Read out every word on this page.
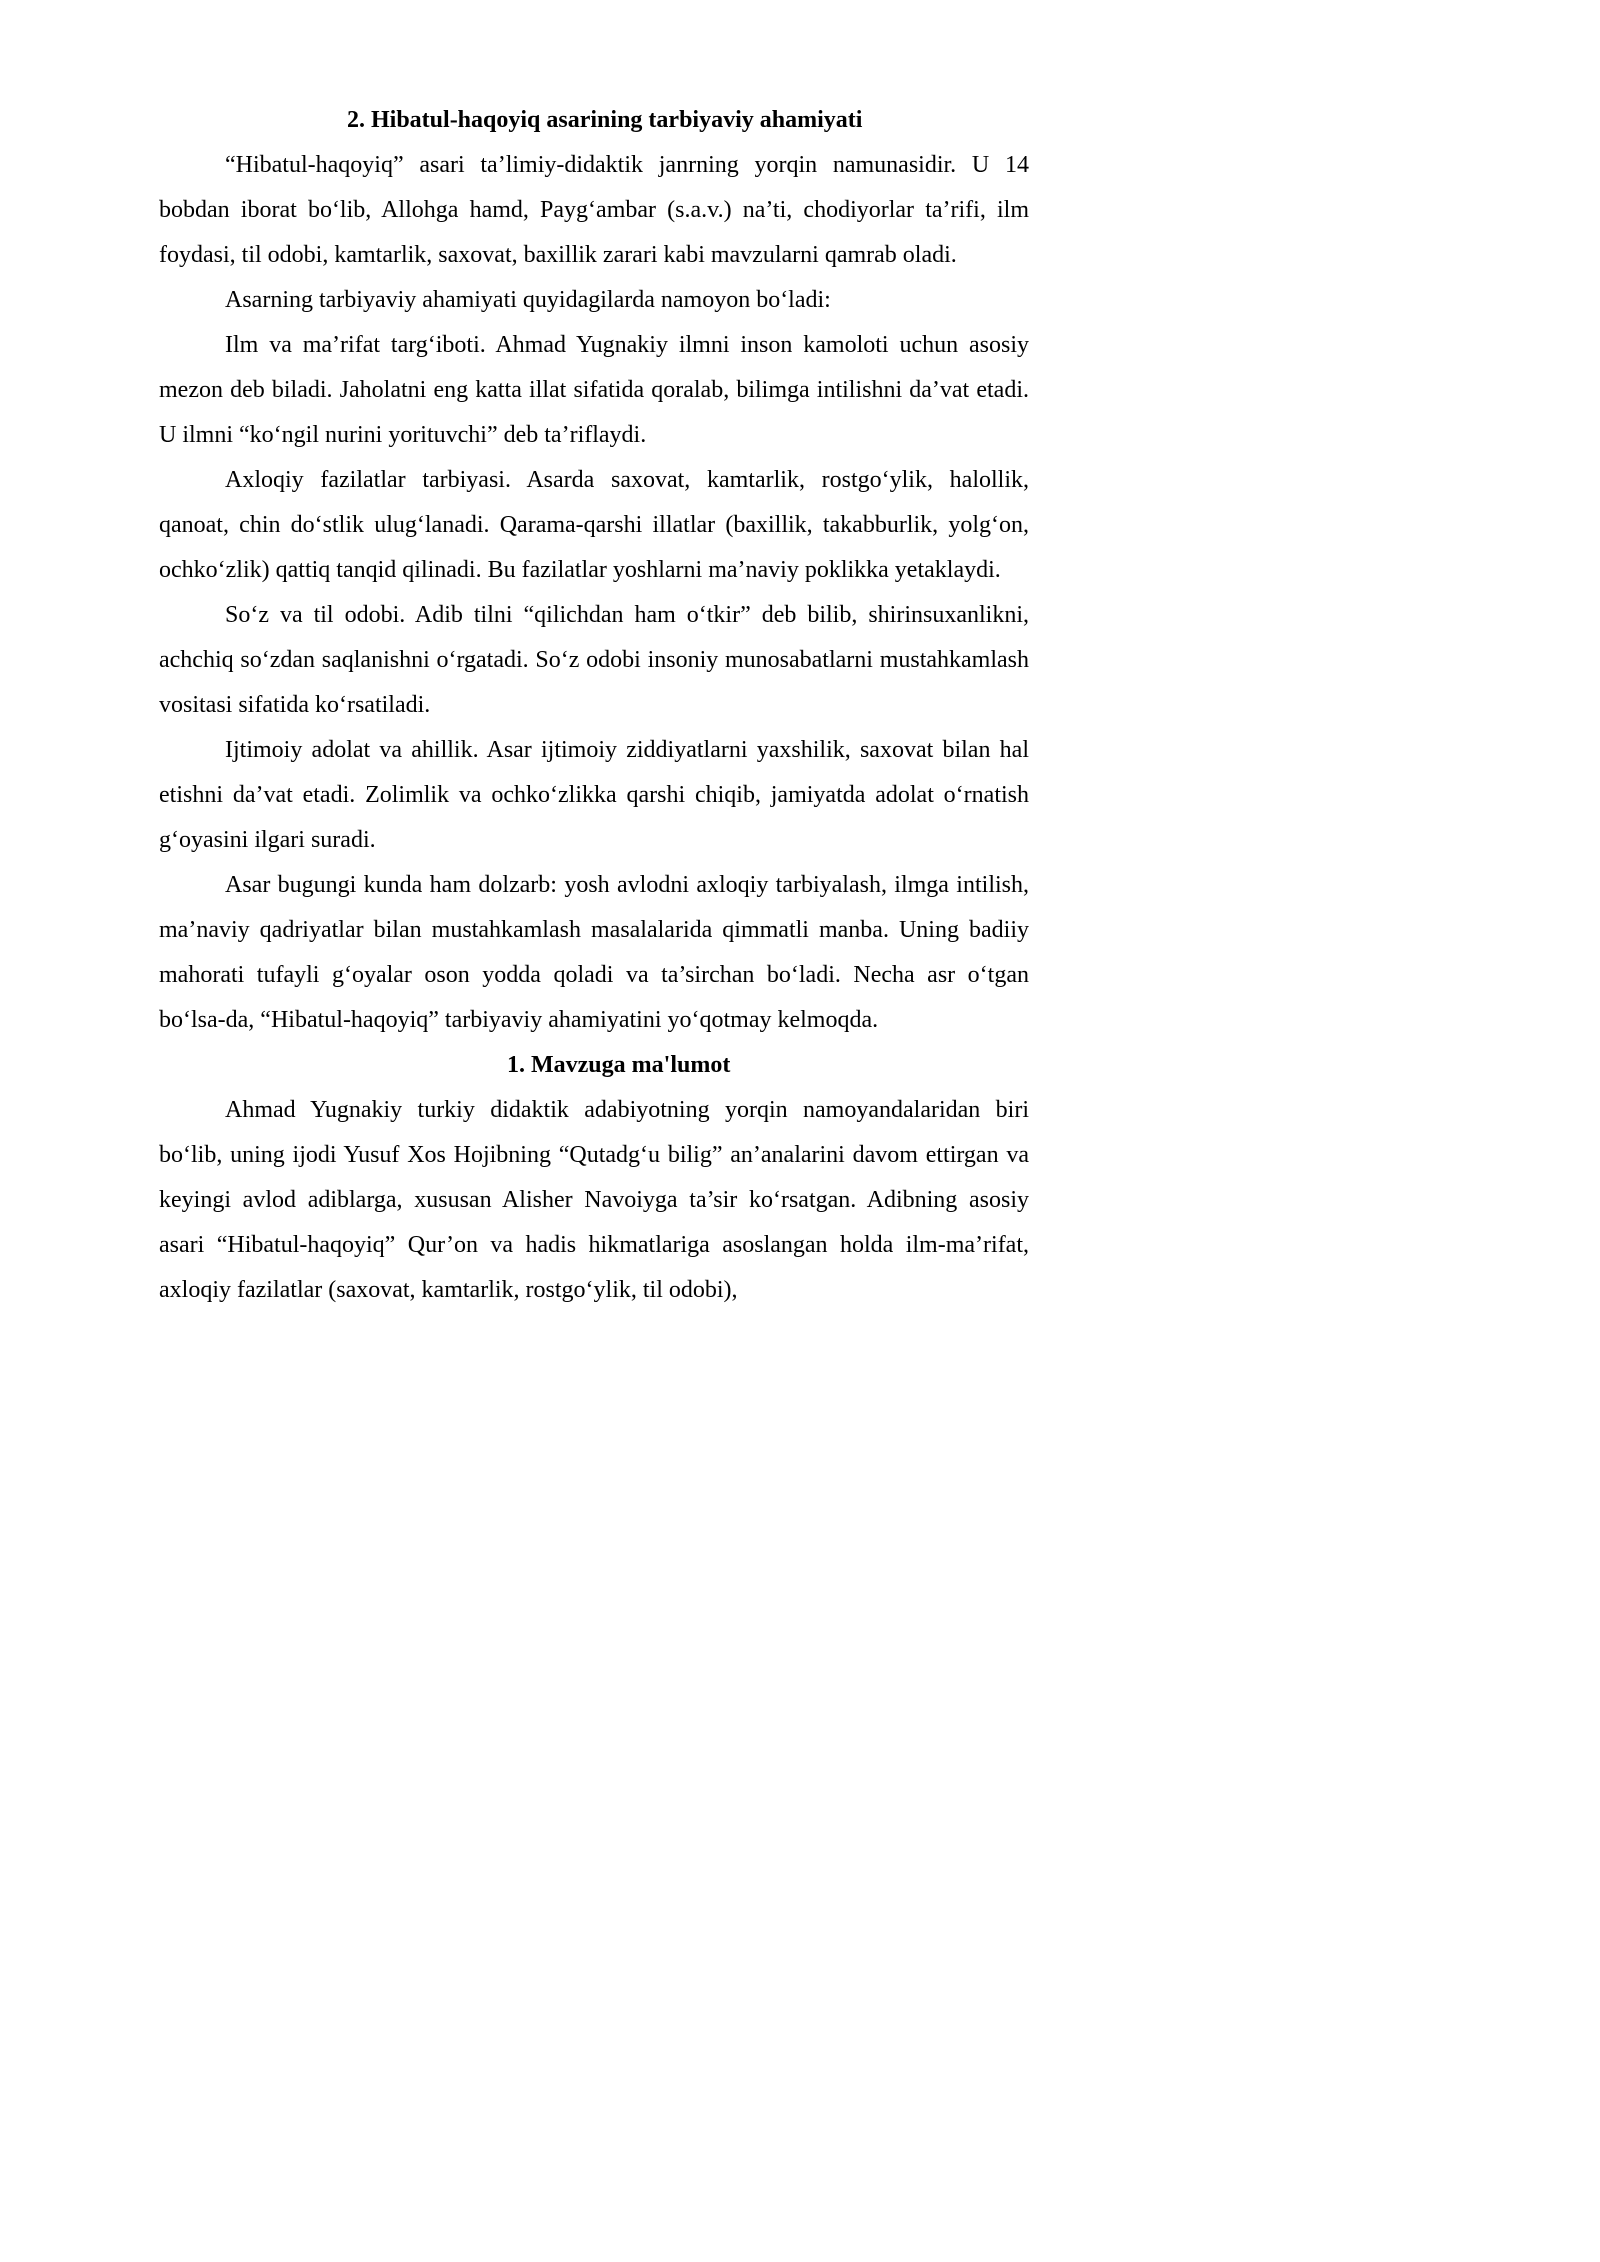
2. Hibatul-haqoyiq asarining tarbiyaviy ahamiyati

“Hibatul-haqoyiq” asari ta’limiy-didaktik janrning yorqin namunasidir. U 14 bobdan iborat bo‘lib, Allohga hamd, Payg‘ambar (s.a.v.) na’ti, chodiyorlar ta’rifi, ilm foydasi, til odobi, kamtarlik, saxovat, baxillik zarari kabi mavzularni qamrab oladi.

Asarning tarbiyaviy ahamiyati quyidagilarda namoyon bo‘ladi:

Ilm va ma’rifat targ‘iboti. Ahmad Yugnakiy ilmni inson kamoloti uchun asosiy mezon deb biladi. Jaholatni eng katta illat sifatida qoralab, bilimga intilishni da’vat etadi. U ilmni “ko‘ngil nurini yorituvchi” deb ta’riflaydi.

Axloqiy fazilatlar tarbiyasi. Asarda saxovat, kamtarlik, rostgo‘ylik, halollik, qanoat, chin do‘stlik ulug‘lanadi. Qarama-qarshi illatlar (baxillik, takabburlik, yolg‘on, ochko‘zlik) qattiq tanqid qilinadi. Bu fazilatlar yoshlarni ma’naviy poklikka yetaklaydi.

So‘z va til odobi. Adib tilni “qilichdan ham o‘tkir” deb bilib, shirinsuxanlikni, achchiq so‘zdan saqlanishni o‘rgatadi. So‘z odobi insoniy munosabatlarni mustahkamlash vositasi sifatida ko‘rsatiladi.

Ijtimoiy adolat va ahillik. Asar ijtimoiy ziddiyatlarni yaxshilik, saxovat bilan hal etishni da’vat etadi. Zolimlik va ochko‘zlikka qarshi chiqib, jamiyatda adolat o‘rnatish g‘oyasini ilgari suradi.

Asar bugungi kunda ham dolzarb: yosh avlodni axloqiy tarbiyalash, ilmga intilish, ma’naviy qadriyatlar bilan mustahkamlash masalalarida qimmatli manba. Uning badiiy mahorati tufayli g‘oyalar oson yodda qoladi va ta’sirchan bo‘ladi. Necha asr o‘tgan bo‘lsa-da, “Hibatul-haqoyiq” tarbiyaviy ahamiyatini yo‘qotmay kelmoqda.

1. Mavzuga ma'lumot

Ahmad Yugnakiy turkiy didaktik adabiyotning yorqin namoyandalaridan biri bo‘lib, uning ijodi Yusuf Xos Hojibning “Qutadg‘u bilig” an’analarini davom ettirgan va keyingi avlod adiblarga, xususan Alisher Navoiyga ta’sir ko‘rsatgan. Adibning asosiy asari “Hibatul-haqoyiq” Qur’on va hadis hikmatlariga asoslangan holda ilm-ma’rifat, axloqiy fazilatlar (saxovat, kamtarlik, rostgo‘ylik, til odobi),
